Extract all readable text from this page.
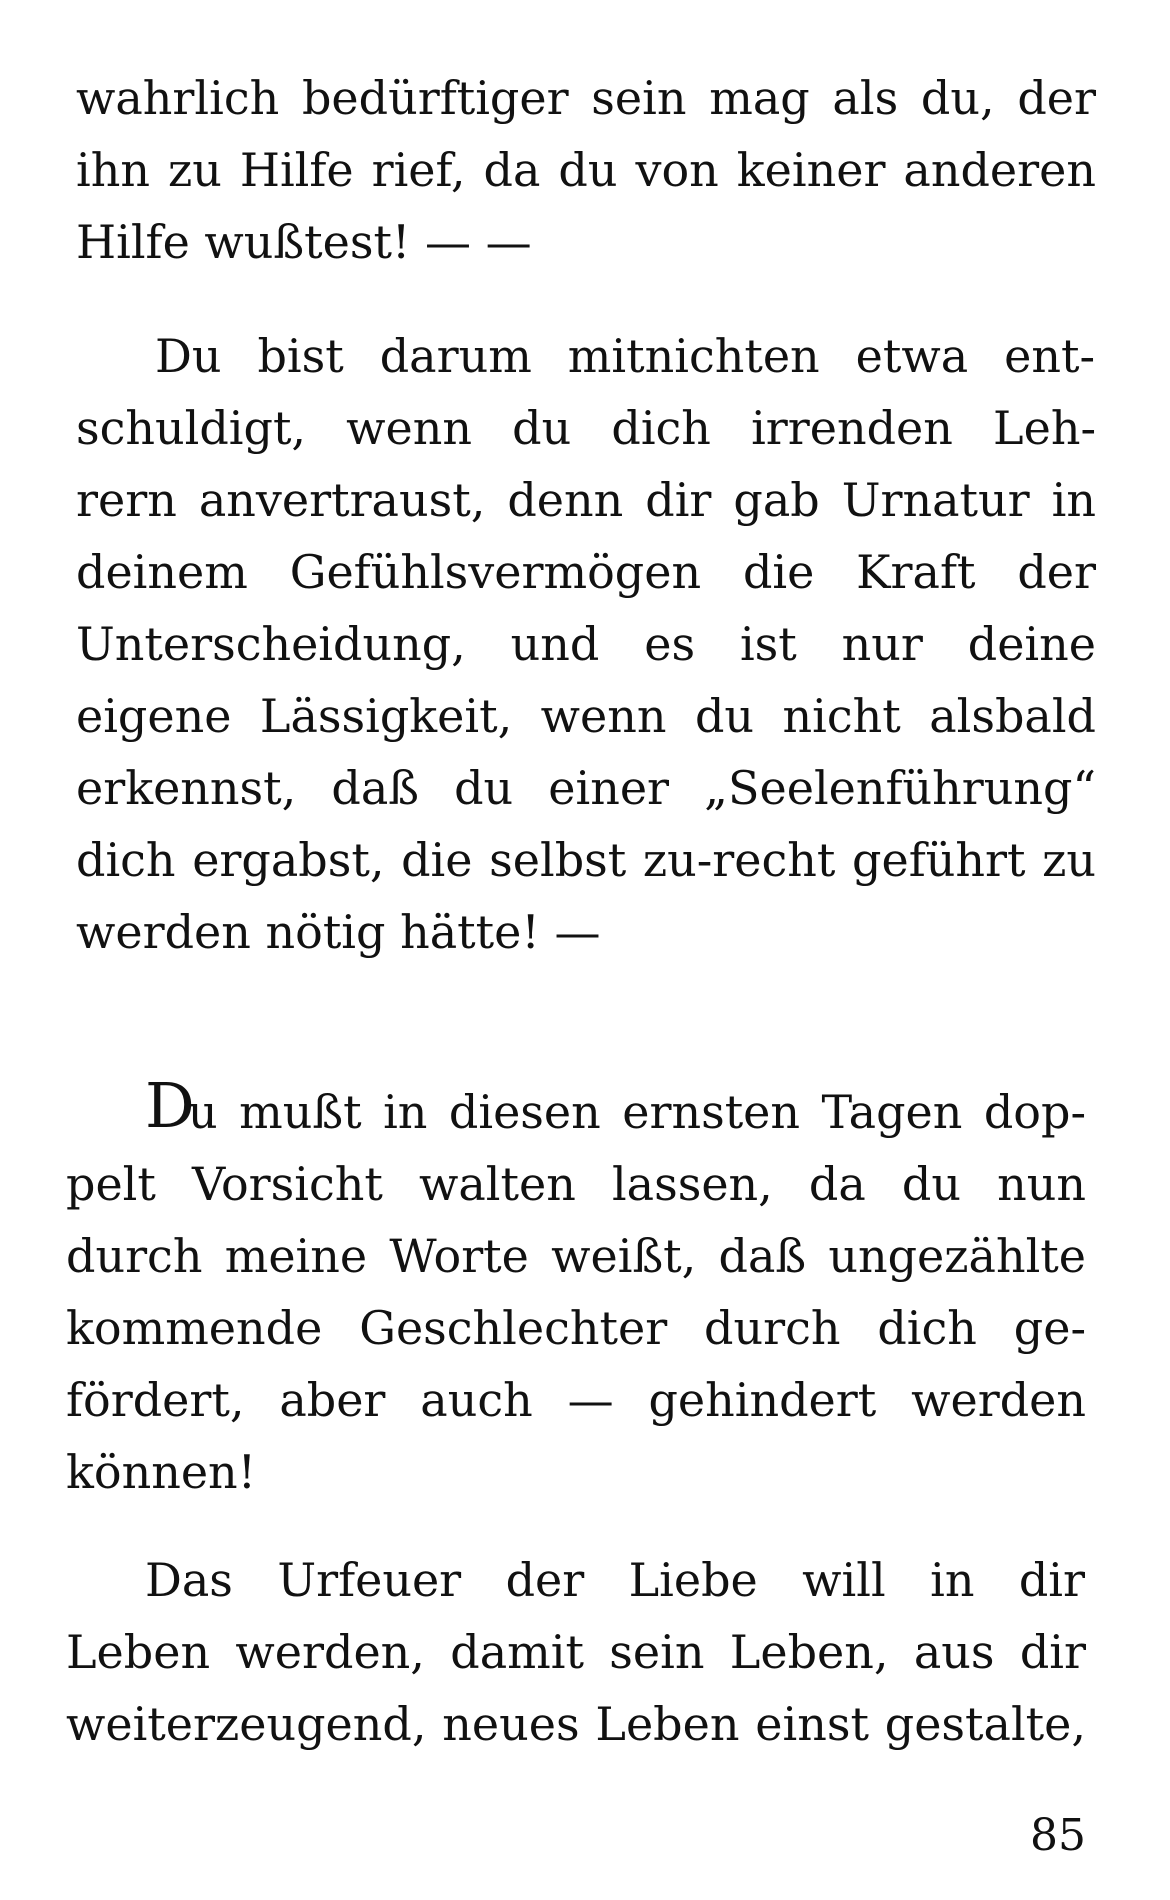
wahrlich bedürftiger sein mag als du, der

ihn zu Hilfe rief, da du von keiner anderen

Hilfe wußtest! — —

Du bist darum mitnichten etwa ent-

schuldigt, wenn du dich irrenden Leh-

rern anvertraust, denn dir gab Urnatur in

deinem Gefühlsvermögen die Kraft der

Unterscheidung, und es ist nur deine

eigene Lässigkeit, wenn du nicht alsbald

erkennst, daß du einer „Seelenführung“

dich ergabst, die selbst zu-recht geführt zu

werden nötig hätte! —

D

u mußt in diesen ernsten Tagen dop-

pelt Vorsicht walten lassen, da du nun

durch meine Worte weißt, daß ungezählte

kommende Geschlechter durch dich ge-

fördert, aber auch — gehindert werden

können!

Das Urfeuer der Liebe will in dir

Leben werden, damit sein Leben, aus dir

weiterzeugend, neues Leben einst gestalte,

85
